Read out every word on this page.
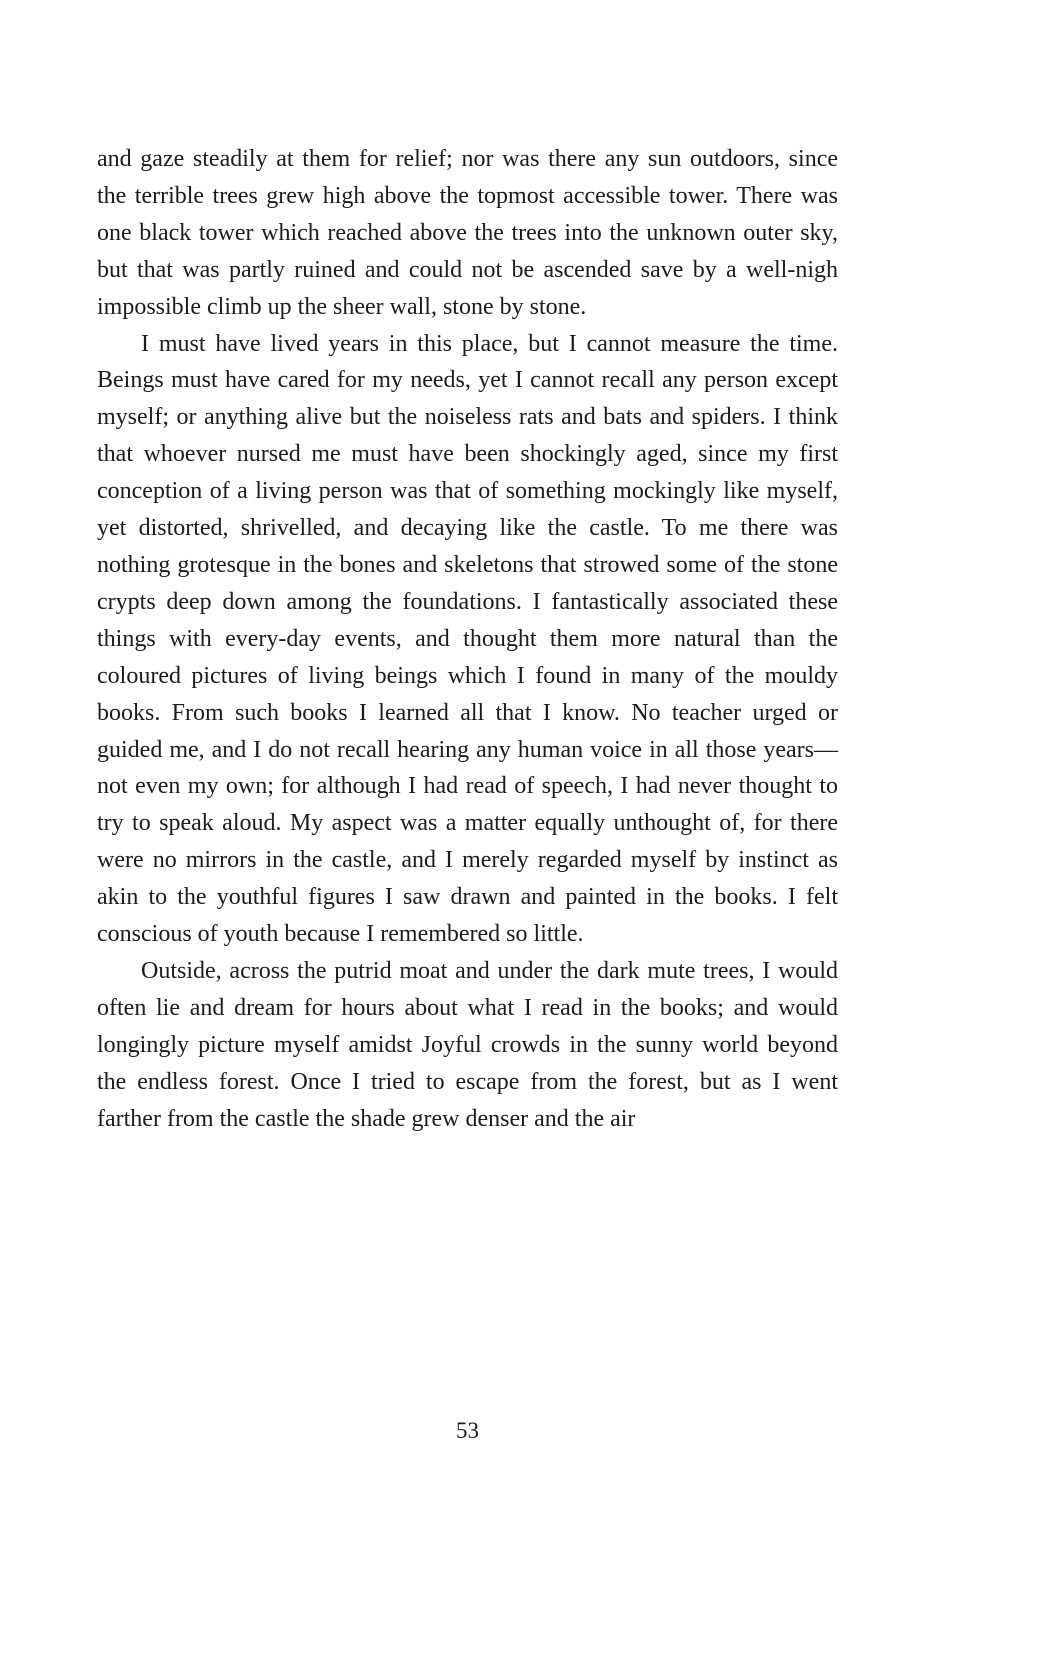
and gaze steadily at them for relief; nor was there any sun outdoors, since the terrible trees grew high above the topmost accessible tower. There was one black tower which reached above the trees into the unknown outer sky, but that was partly ruined and could not be ascended save by a well-nigh impossible climb up the sheer wall, stone by stone.

I must have lived years in this place, but I cannot measure the time. Beings must have cared for my needs, yet I cannot recall any person except myself; or anything alive but the noiseless rats and bats and spiders. I think that whoever nursed me must have been shockingly aged, since my first conception of a living person was that of something mockingly like myself, yet distorted, shrivelled, and decaying like the castle. To me there was nothing grotesque in the bones and skeletons that strowed some of the stone crypts deep down among the foundations. I fantastically associated these things with every-day events, and thought them more natural than the coloured pictures of living beings which I found in many of the mouldy books. From such books I learned all that I know. No teacher urged or guided me, and I do not recall hearing any human voice in all those years—not even my own; for although I had read of speech, I had never thought to try to speak aloud. My aspect was a matter equally unthought of, for there were no mirrors in the castle, and I merely regarded myself by instinct as akin to the youthful figures I saw drawn and painted in the books. I felt conscious of youth because I remembered so little.

Outside, across the putrid moat and under the dark mute trees, I would often lie and dream for hours about what I read in the books; and would longingly picture myself amidst Joyful crowds in the sunny world beyond the endless forest. Once I tried to escape from the forest, but as I went farther from the castle the shade grew denser and the air

53
